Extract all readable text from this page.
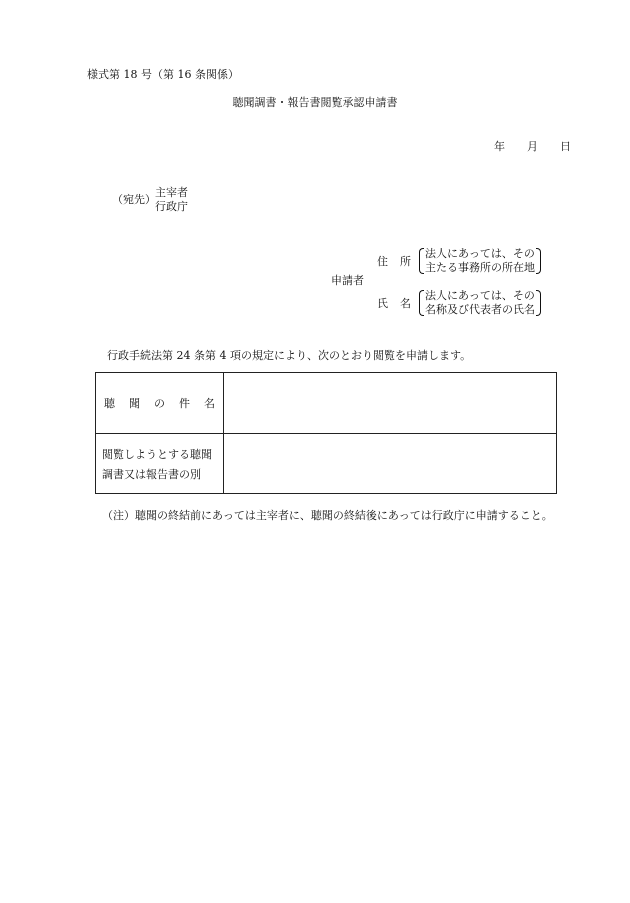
様式第 18 号（第 16 条関係）
聴聞調書・報告書閲覧承認申請書
年 月 日
（宛先）
主宰者
行政庁
申請者
住 所
法人にあっては、その
主たる事務所の所在地
氏 名
法人にあっては、その
名称及び代表者の氏名
行政手続法第 24 条第 4 項の規定により、次のとおり閲覧を申請します。
聴 聞 の 件 名
閲覧しようとする聴聞
調書又は報告書の別
（注）聴聞の終結前にあっては主宰者に、聴聞の終結後にあっては行政庁に申請すること。
